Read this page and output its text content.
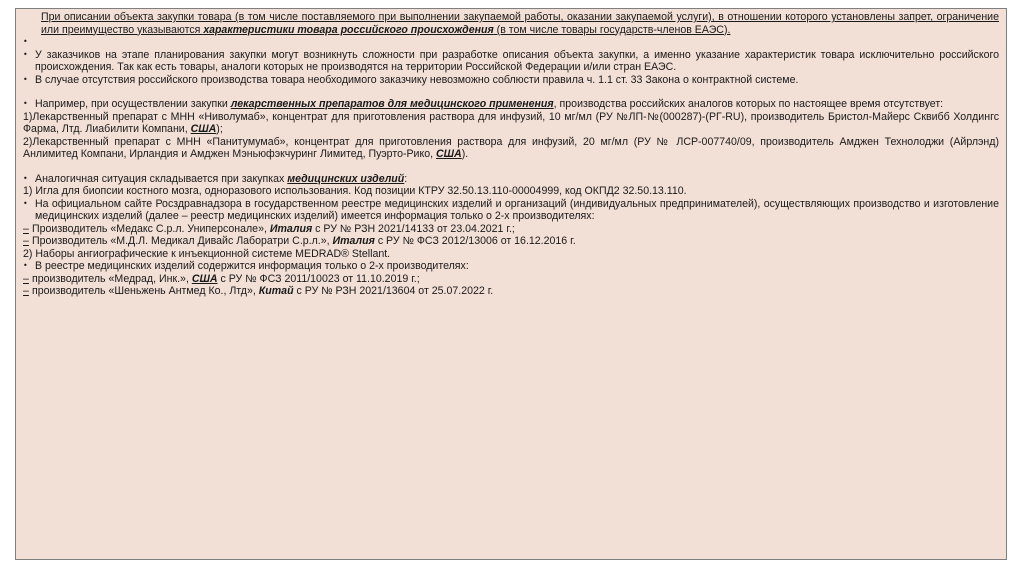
При описании объекта закупки товара (в том числе поставляемого при выполнении закупаемой работы, оказании закупаемой услуги), в отношении которого установлены запрет, ограничение или преимущество указываются характеристики товара российского происхождения (в том числе товары государств-членов ЕАЭС).

•
• У заказчиков на этапе планирования закупки могут возникнуть сложности при разработке описания объекта закупки, а именно указание характеристик товара исключительно российского происхождения. Так как есть товары, аналоги которых не производятся на территории Российской Федерации и/или стран ЕАЭС.
• В случае отсутствия российского производства товара необходимого заказчику невозможно соблюсти правила ч. 1.1 ст. 33 Закона о контрактной системе.
• Например, при осуществлении закупки лекарственных препаратов для медицинского применения, производства российских аналогов которых по настоящее время отсутствует:

1)Лекарственный препарат с МНН «Ниволумаб», концентрат для приготовления раствора для инфузий, 10 мг/мл (РУ №ЛП-№(000287)-(РГ-RU), производитель Бристол-Майерс Сквибб Холдингс Фарма, Лтд. Лиабилити Компани, США);

2)Лекарственный препарат с МНН «Панитумумаб», концентрат для приготовления раствора для инфузий, 20 мг/мл (РУ № ЛСР-007740/09, производитель Амджен Технолоджи (Айрлэнд) Анлимитед Компани, Ирландия и Амджен Мэньюфэкчуринг Лимитед, Пуэрто-Рико, США).

• Аналогичная ситуация складывается при закупках медицинских изделий:

1) Игла для биопсии костного мозга, одноразового использования. Код позиции КТРУ 32.50.13.110-00004999, код ОКПД2 32.50.13.110.

• На официальном сайте Росздравнадзора в государственном реестре медицинских изделий и организаций (индивидуальных предпринимателей), осуществляющих производство и изготовление медицинских изделий (далее – реестр медицинских изделий) имеется информация только о 2-х производителях:

– Производитель «Медакс С.р.л. Униперсонале», Италия с РУ № РЗН 2021/14133 от 23.04.2021 г.;

– Производитель «М.Д.Л. Медикал Дивайс Лаборатри С.р.л.», Италия с РУ № ФСЗ 2012/13006 от 16.12.2016 г.

2) Наборы ангиографические к инъекционной системе MEDRAD® Stellant.

• В реестре медицинских изделий содержится информация только о 2-х производителях:

– производитель «Медрад, Инк.», США с РУ № ФСЗ 2011/10023 от 11.10.2019 г.;

– производитель «Шеньжень Антмед Ко., Лтд», Китай с РУ № РЗН 2021/13604 от 25.07.2022 г.
